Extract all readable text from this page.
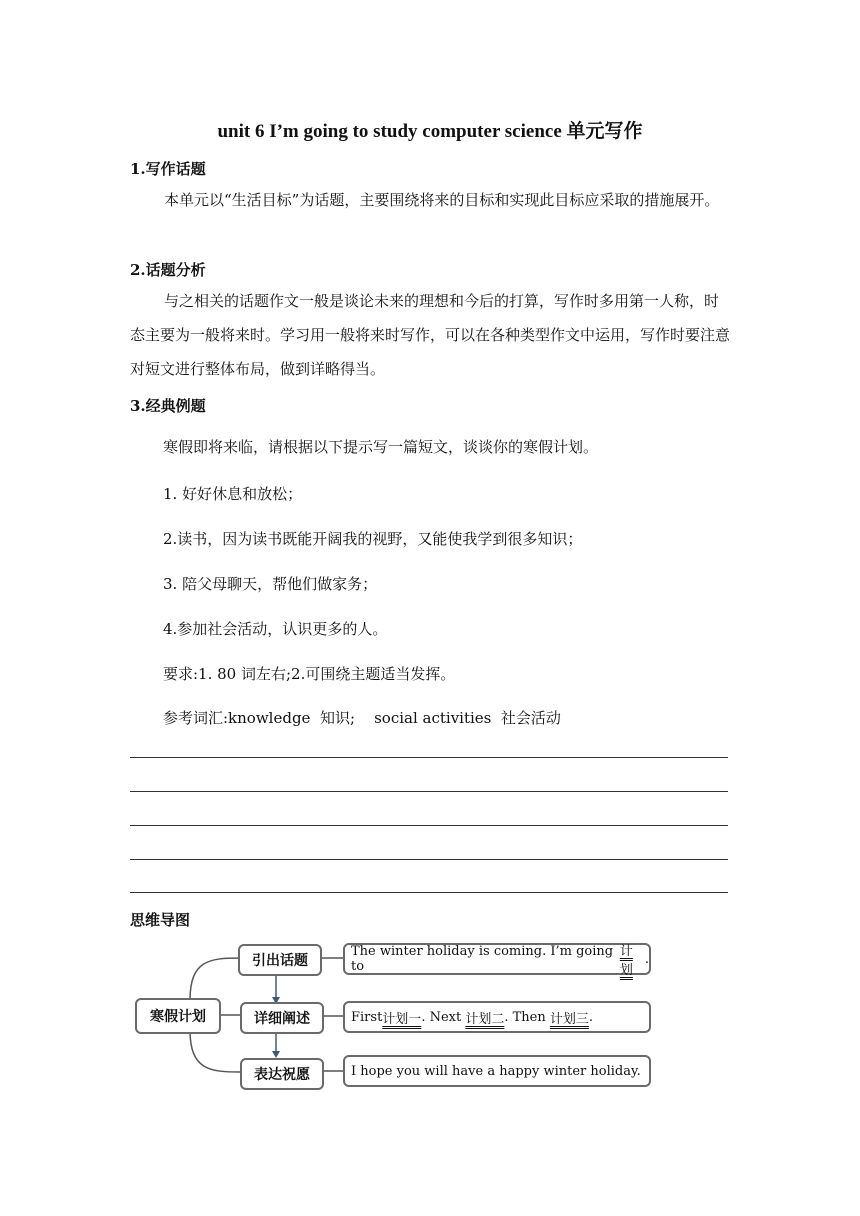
unit 6 I’m going to study computer science 单元写作
1.写作话题
本单元以“生活目标”为话题，主要围绕将来的目标和实现此目标应采取的措施展开。
2.话题分析
与之相关的话题作文一般是谈论未来的理想和今后的打算，写作时多用第一人称，时态主要为一般将来时。学习用一般将来时写作，可以在各种类型作文中运用，写作时要注意对短文进行整体布局，做到详略得当。
3.经典例题
寒假即将来临，请根据以下提示写一篇短文，谈谈你的寒假计划。
1. 好好休息和放松；
2.读书，因为读书既能开阔我的视野，又能使我学到很多知识；
3. 陪父母聊天，帮他们做家务；
4.参加社会活动，认识更多的人。
要求:1. 80 词左右;2.可围绕主题适当发挥。
参考词汇:knowledge  知识;    social activities  社会活动
思维导图
寒假计划
引出话题
详细阐述
表达祝愿
The winter holiday is coming. I’m going to
计划
.
First 计划一 . Next 计划二 . Then 计划三 .
I hope you will have a happy winter holiday.
